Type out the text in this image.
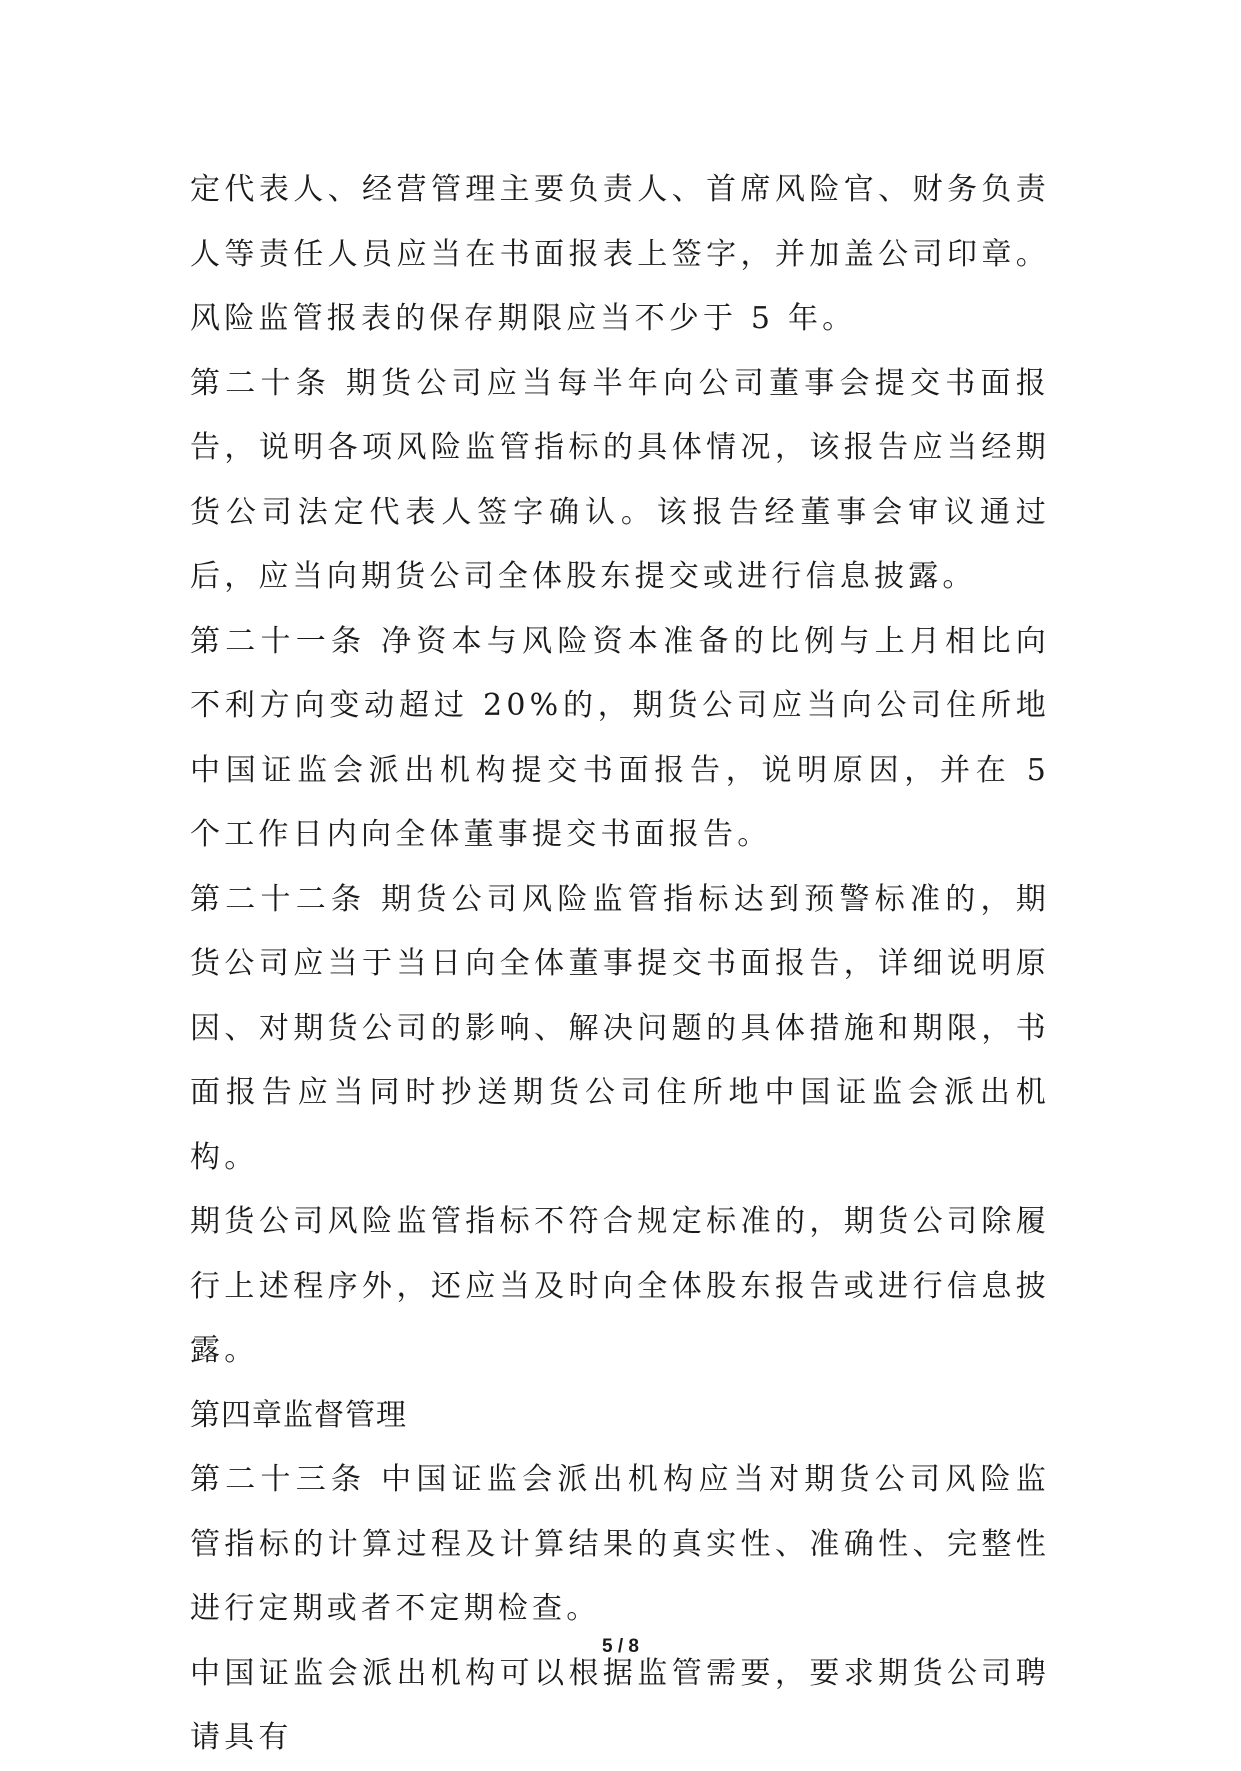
定代表人、经营管理主要负责人、首席风险官、财务负责人等责任人员应当在书面报表上签字，并加盖公司印章。风险监管报表的保存期限应当不少于 5 年。

第二十条 期货公司应当每半年向公司董事会提交书面报告，说明各项风险监管指标的具体情况，该报告应当经期货公司法定代表人签字确认。该报告经董事会审议通过后，应当向期货公司全体股东提交或进行信息披露。

第二十一条 净资本与风险资本准备的比例与上月相比向不利方向变动超过 20%的，期货公司应当向公司住所地中国证监会派出机构提交书面报告，说明原因，并在 5 个工作日内向全体董事提交书面报告。

第二十二条 期货公司风险监管指标达到预警标准的，期货公司应当于当日向全体董事提交书面报告，详细说明原因、对期货公司的影响、解决问题的具体措施和期限，书面报告应当同时抄送期货公司住所地中国证监会派出机构。

期货公司风险监管指标不符合规定标准的，期货公司除履行上述程序外，还应当及时向全体股东报告或进行信息披露。

第四章监督管理

第二十三条 中国证监会派出机构应当对期货公司风险监管指标的计算过程及计算结果的真实性、准确性、完整性进行定期或者不定期检查。

中国证监会派出机构可以根据监管需要，要求期货公司聘请具有

5 / 8
